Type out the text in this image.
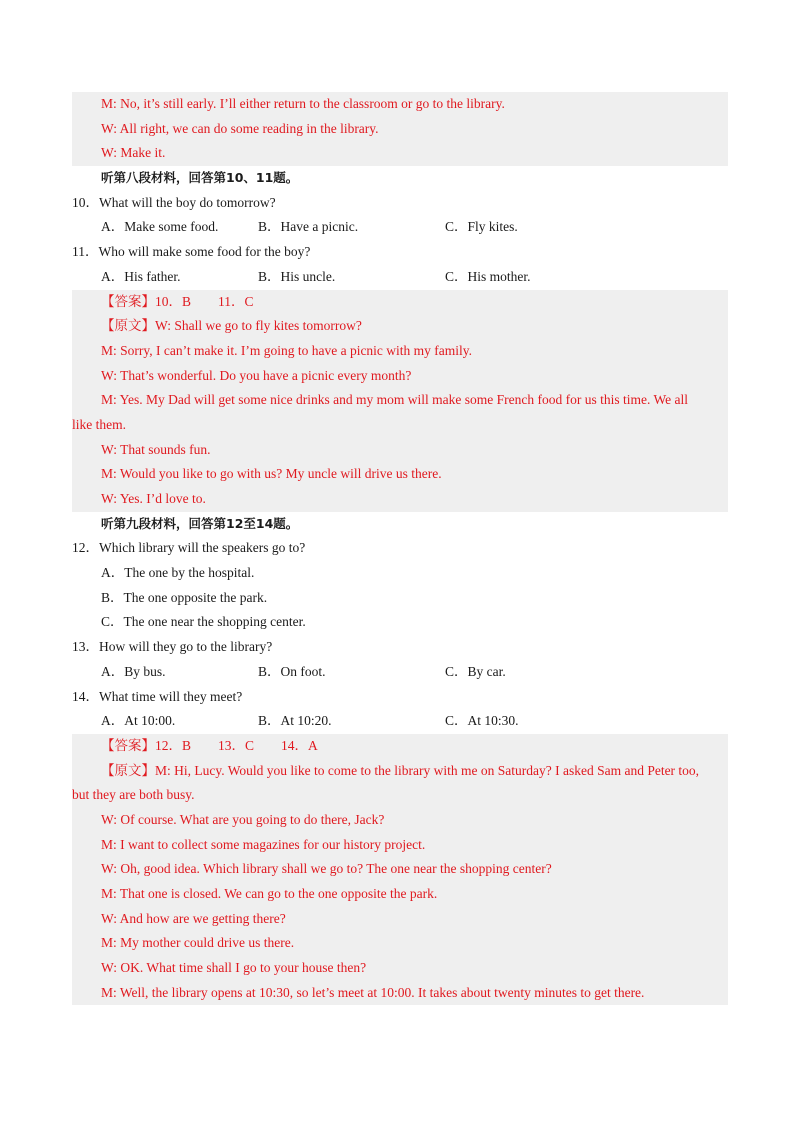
M: No, it’s still early. I’ll either return to the classroom or go to the library.
W: All right, we can do some reading in the library.
W: Make it.
听第八段材料，回答第10、11题。
10．What will the boy do tomorrow?
A．Make some food.	B．Have a picnic.	C．Fly kites.
11．Who will make some food for the boy?
A．His father.	B．His uncle.	C．His mother.
【答案】10．B　　11．C
【原文】W: Shall we go to fly kites tomorrow?
M: Sorry, I can’t make it. I’m going to have a picnic with my family.
W: That’s wonderful. Do you have a picnic every month?
M: Yes. My Dad will get some nice drinks and my mom will make some French food for us this time. We all
like them.
W: That sounds fun.
M: Would you like to go with us? My uncle will drive us there.
W: Yes. I’d love to.
听第九段材料，回答第12至14题。
12．Which library will the speakers go to?
A．The one by the hospital.
B．The one opposite the park.
C．The one near the shopping center.
13．How will they go to the library?
A．By bus.	B．On foot.	C．By car.
14．What time will they meet?
A．At 10:00.	B．At 10:20.	C．At 10:30.
【答案】12．B　　13．C　　14．A
【原文】M: Hi, Lucy. Would you like to come to the library with me on Saturday? I asked Sam and Peter too,
but they are both busy.
W: Of course. What are you going to do there, Jack?
M: I want to collect some magazines for our history project.
W: Oh, good idea. Which library shall we go to? The one near the shopping center?
M: That one is closed. We can go to the one opposite the park.
W: And how are we getting there?
M: My mother could drive us there.
W: OK. What time shall I go to your house then?
M: Well, the library opens at 10:30, so let’s meet at 10:00. It takes about twenty minutes to get there.
